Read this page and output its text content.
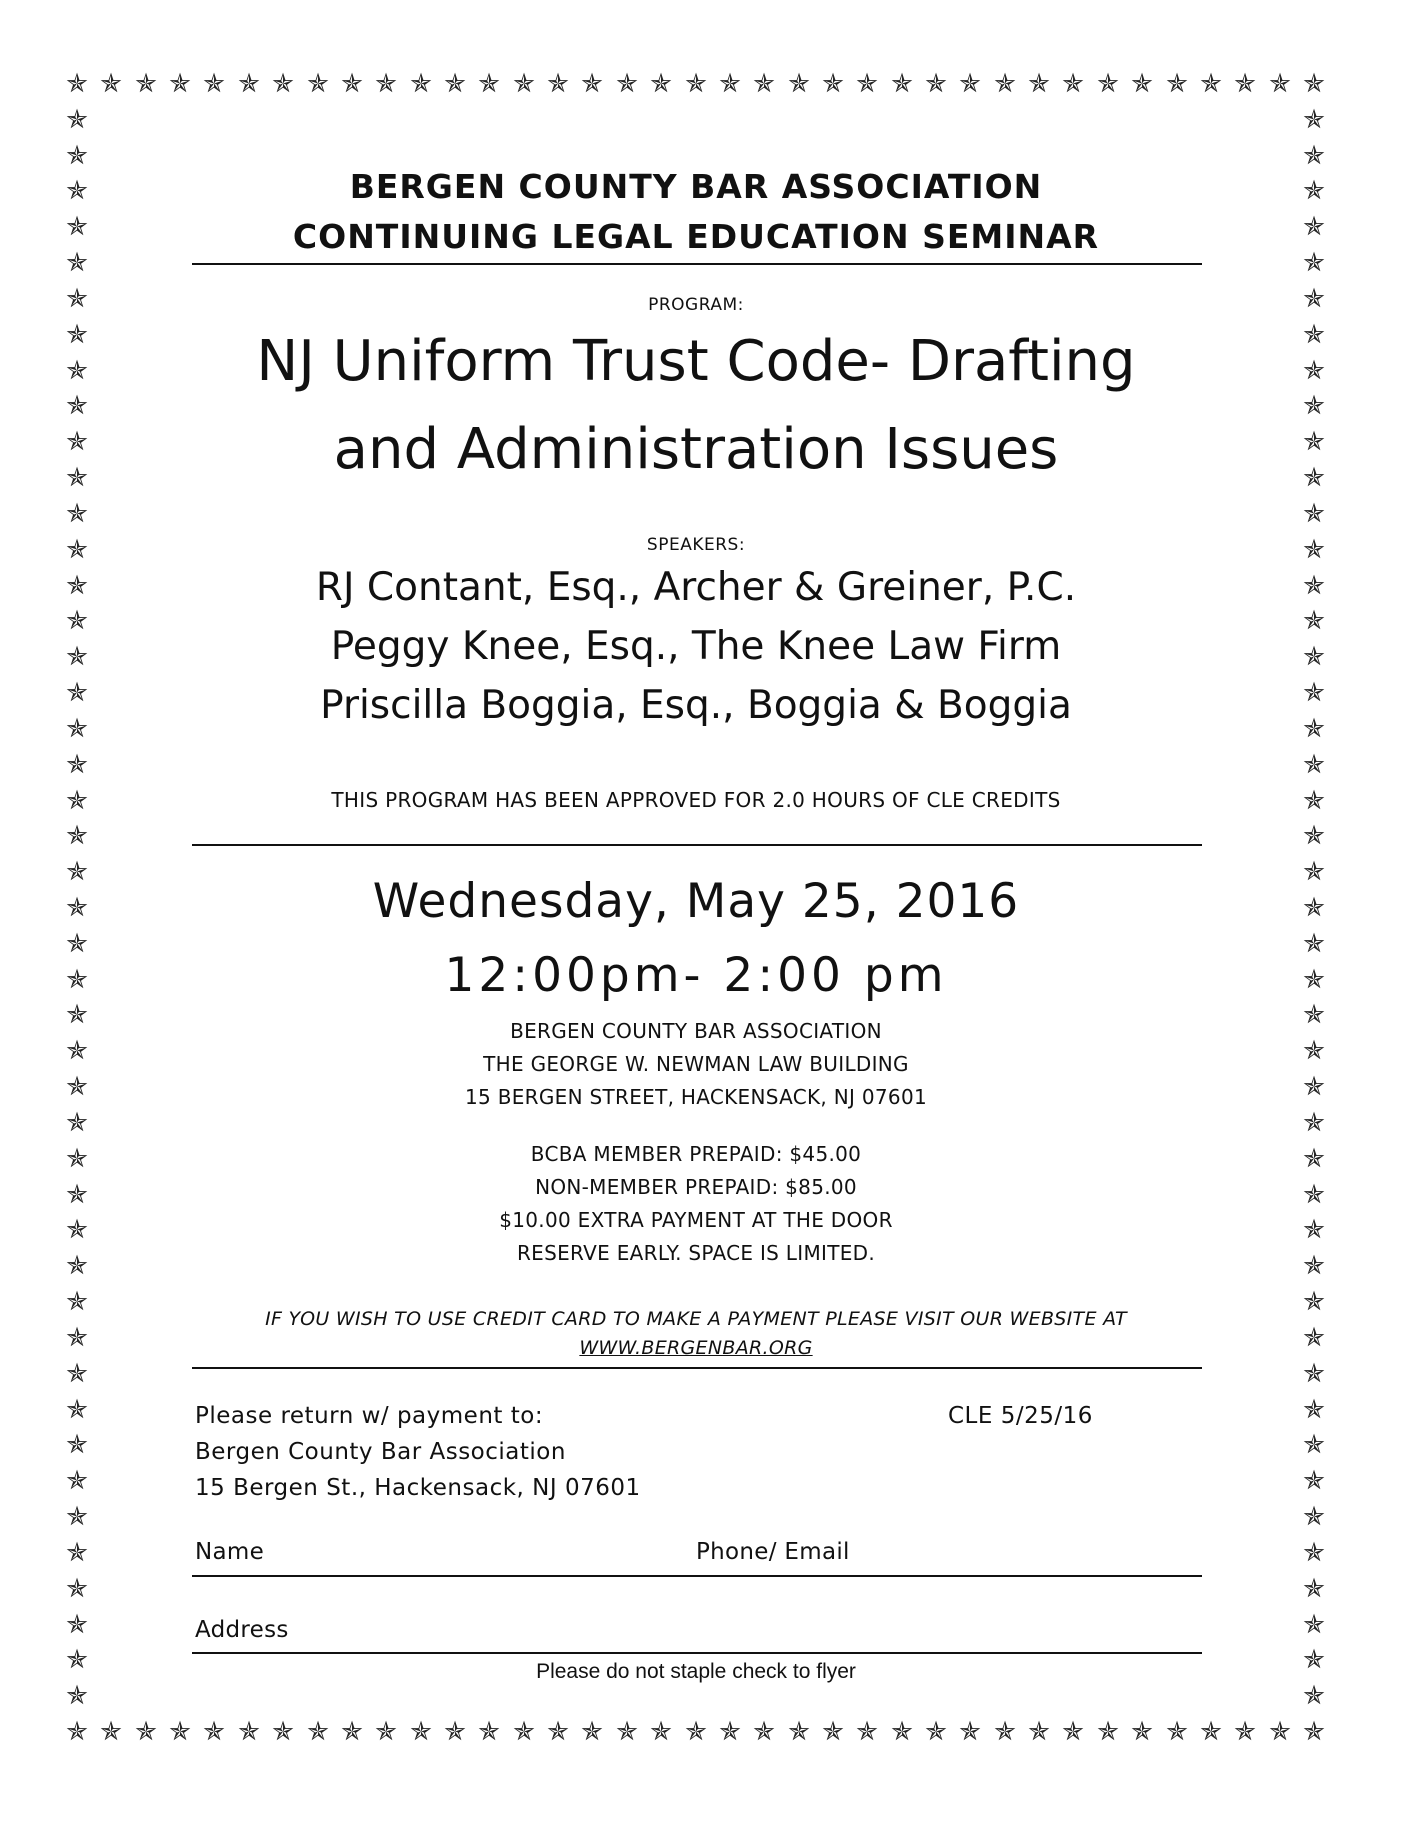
✯
✯
✯
✯
✯
✯
✯
✯
✯
✯
✯
✯
✯
✯
✯
✯
✯
✯
✯
✯
✯
✯
✯
✯
✯
✯
✯
✯
✯
✯
✯
✯
✯
✯
✯
✯
✯
✯
✯
✯
✯
✯
✯
✯
✯
✯
✯
✯
✯
✯
✯
✯
✯
✯
✯
✯
✯
✯
✯
✯
✯
✯
✯
✯
✯
✯
✯
✯
✯
✯
✯
✯
✯
✯
✯	✯
✯	✯
✯	✯
✯	✯
✯	✯
✯	✯
✯	✯
✯	✯
✯	✯
✯	✯
✯	✯
✯	✯
✯	✯
✯	✯
✯	✯
✯	✯
✯	✯
✯	✯
✯	✯
✯	✯
✯	✯
✯	✯
✯	✯
✯	✯
✯	✯
✯	✯
✯	✯
✯	✯
✯	✯
✯	✯
✯	✯
✯	✯
✯	✯
✯	✯
✯	✯
✯	✯
✯	✯
✯	✯
✯	✯
✯	✯
✯	✯
✯	✯
✯	✯
✯	✯
✯	✯
BERGEN COUNTY BAR ASSOCIATION
CONTINUING LEGAL EDUCATION SEMINAR
PROGRAM:
NJ Uniform Trust Code- Drafting
and Administration Issues
SPEAKERS:
RJ Contant, Esq., Archer & Greiner, P.C.
Peggy Knee, Esq., The Knee Law Firm
Priscilla Boggia, Esq., Boggia & Boggia
THIS PROGRAM HAS BEEN APPROVED FOR 2.0 HOURS OF CLE CREDITS
Wednesday, May 25, 2016
12:00pm- 2:00 pm
BERGEN COUNTY BAR ASSOCIATION
THE GEORGE W. NEWMAN LAW BUILDING
15 BERGEN STREET, HACKENSACK, NJ 07601
BCBA MEMBER PREPAID: $45.00
NON-MEMBER PREPAID: $85.00
$10.00 EXTRA PAYMENT AT THE DOOR
RESERVE EARLY. SPACE IS LIMITED.
IF YOU WISH TO USE CREDIT CARD TO MAKE A PAYMENT PLEASE VISIT OUR WEBSITE AT
WWW.BERGENBAR.ORG
Please return w/ payment to:
Bergen County Bar Association
15 Bergen St., Hackensack, NJ 07601
CLE 5/25/16
Name	Phone/ Email
Address
Please do not staple check to flyer
